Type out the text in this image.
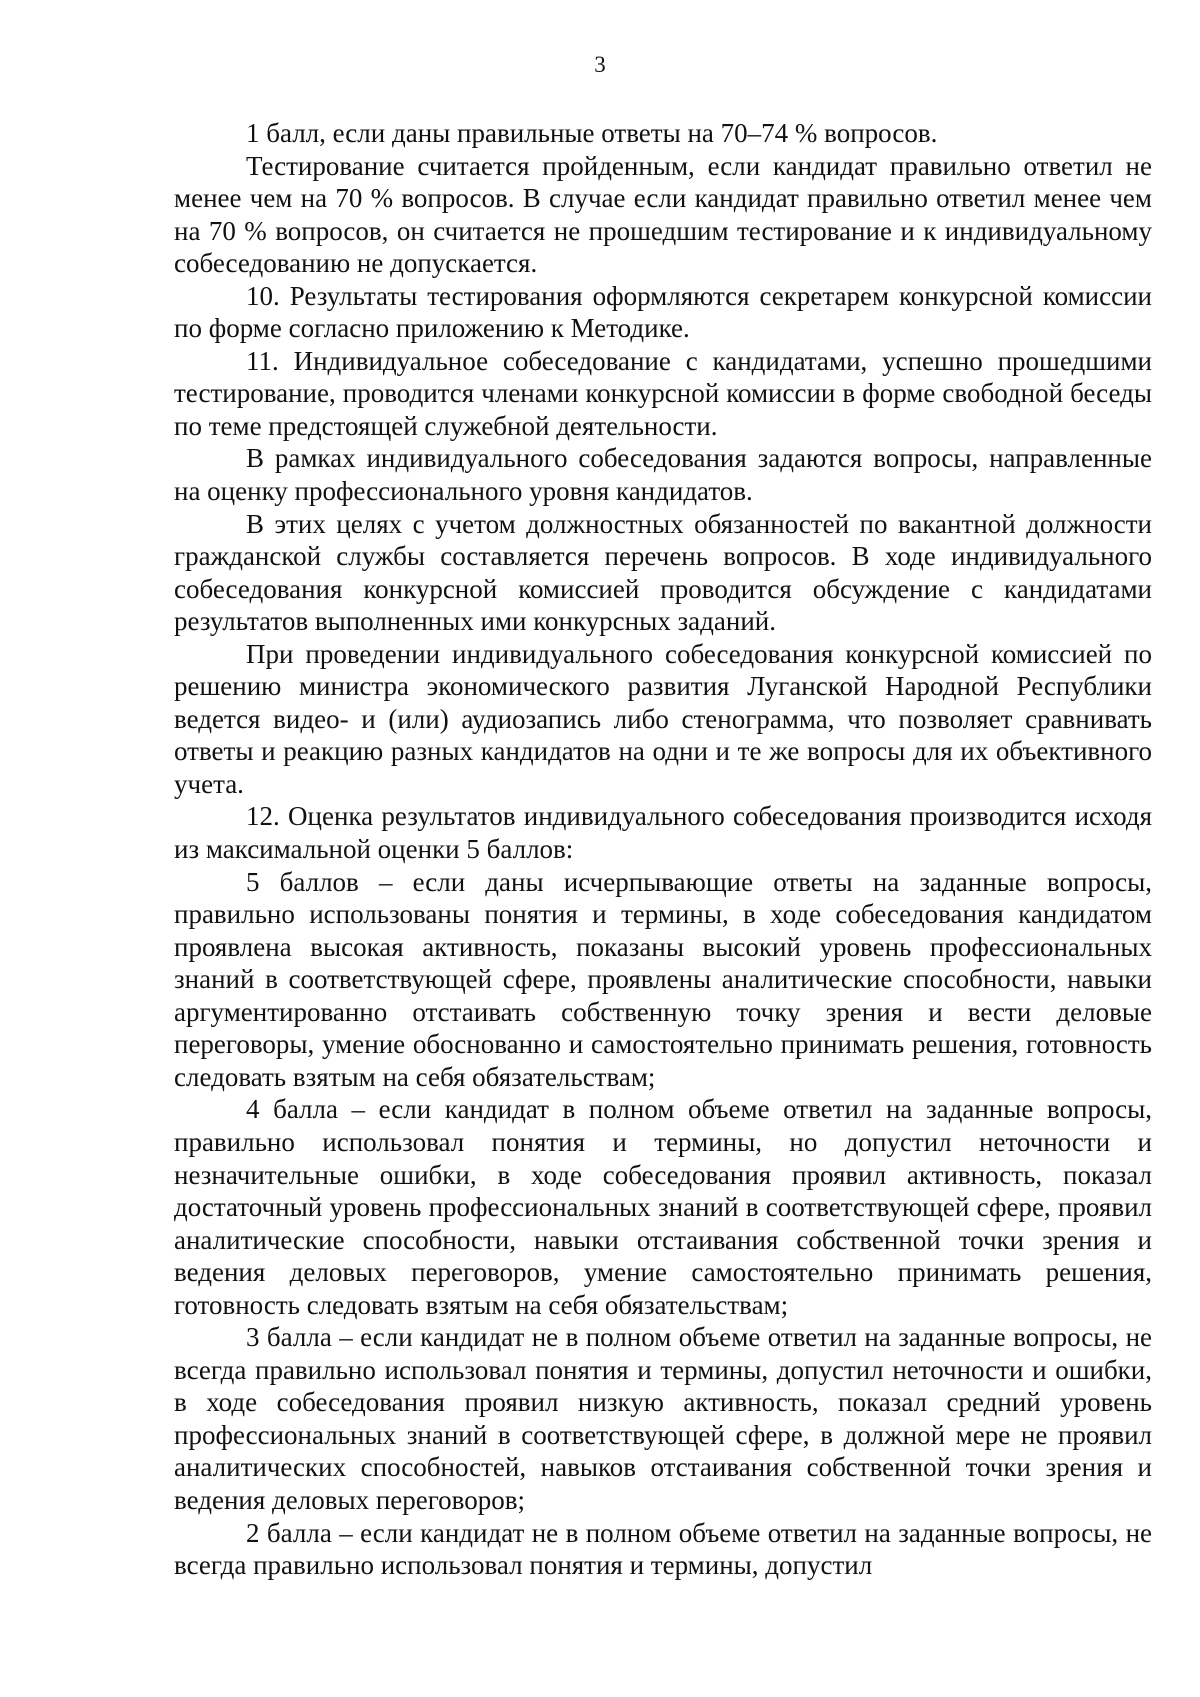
3

1 балл, если даны правильные ответы на 70–74 % вопросов.

Тестирование считается пройденным, если кандидат правильно ответил не менее чем на 70 % вопросов. В случае если кандидат правильно ответил менее чем на 70 % вопросов, он считается не прошедшим тестирование и к индивидуальному собеседованию не допускается.

10. Результаты тестирования оформляются секретарем конкурсной комиссии по форме согласно приложению к Методике.

11. Индивидуальное собеседование с кандидатами, успешно прошедшими тестирование, проводится членами конкурсной комиссии в форме свободной беседы по теме предстоящей служебной деятельности.

В рамках индивидуального собеседования задаются вопросы, направленные на оценку профессионального уровня кандидатов.

В этих целях с учетом должностных обязанностей по вакантной должности гражданской службы составляется перечень вопросов. В ходе индивидуального собеседования конкурсной комиссией проводится обсуждение с кандидатами результатов выполненных ими конкурсных заданий.

При проведении индивидуального собеседования конкурсной комиссией по решению министра экономического развития Луганской Народной Республики ведется видео- и (или) аудиозапись либо стенограмма, что позволяет сравнивать ответы и реакцию разных кандидатов на одни и те же вопросы для их объективного учета.

12. Оценка результатов индивидуального собеседования производится исходя из максимальной оценки 5 баллов:

5 баллов – если даны исчерпывающие ответы на заданные вопросы, правильно использованы понятия и термины, в ходе собеседования кандидатом проявлена высокая активность, показаны высокий уровень профессиональных знаний в соответствующей сфере, проявлены аналитические способности, навыки аргументированно отстаивать собственную точку зрения и вести деловые переговоры, умение обоснованно и самостоятельно принимать решения, готовность следовать взятым на себя обязательствам;

4 балла – если кандидат в полном объеме ответил на заданные вопросы, правильно использовал понятия и термины, но допустил неточности и незначительные ошибки, в ходе собеседования проявил активность, показал достаточный уровень профессиональных знаний в соответствующей сфере, проявил аналитические способности, навыки отстаивания собственной точки зрения и ведения деловых переговоров, умение самостоятельно принимать решения, готовность следовать взятым на себя обязательствам;

3 балла – если кандидат не в полном объеме ответил на заданные вопросы, не всегда правильно использовал понятия и термины, допустил неточности и ошибки, в ходе собеседования проявил низкую активность, показал средний уровень профессиональных знаний в соответствующей сфере, в должной мере не проявил аналитических способностей, навыков отстаивания собственной точки зрения и ведения деловых переговоров;

2 балла – если кандидат не в полном объеме ответил на заданные вопросы, не всегда правильно использовал понятия и термины, допустил
